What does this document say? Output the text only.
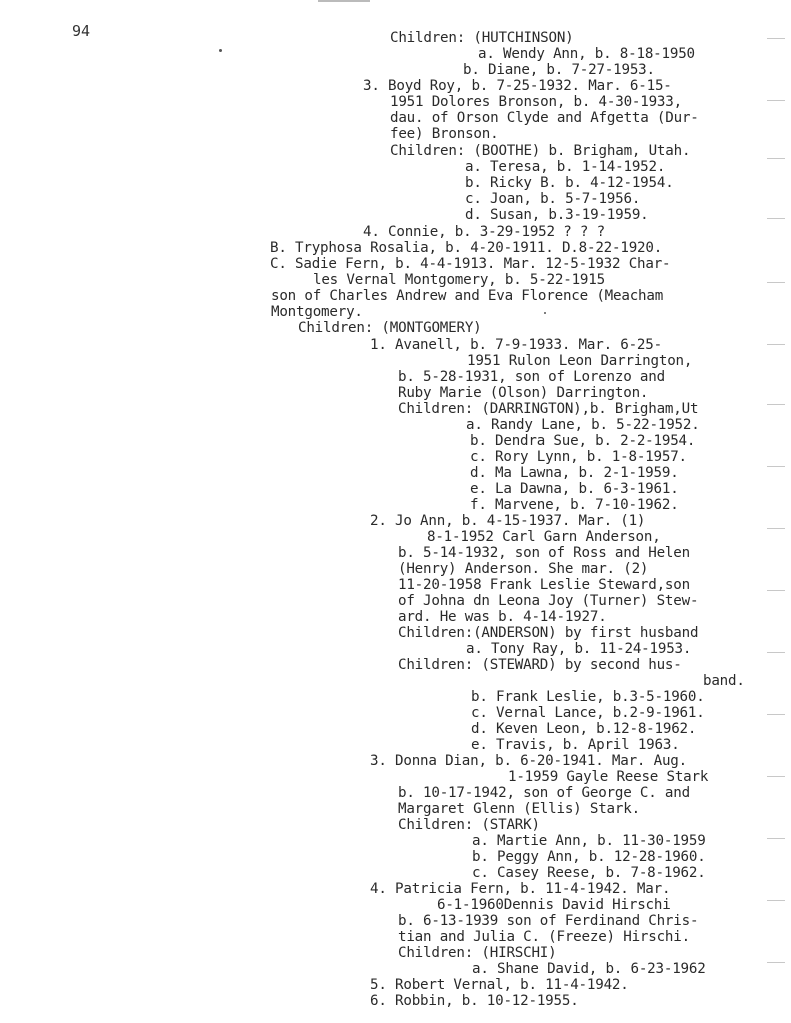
94	Children: (HUTCHINSON)
a. Wendy Ann, b. 8-18-1950
b. Diane, b. 7-27-1953.
3. Boyd Roy, b. 7-25-1932. Mar. 6-15-
1951 Dolores Bronson, b. 4-30-1933,
dau. of Orson Clyde and Afgetta (Dur-
fee) Bronson.
Children: (BOOTHE) b. Brigham, Utah.
a. Teresa, b. 1-14-1952.
b. Ricky B. b. 4-12-1954.
c. Joan, b. 5-7-1956.
d. Susan, b.3-19-1959.
4. Connie, b. 3-29-1952 ? ? ?
B. Tryphosa Rosalia, b. 4-20-1911. D.8-22-1920.
C. Sadie Fern, b. 4-4-1913. Mar. 12-5-1932 Char-
les Vernal Montgomery, b. 5-22-1915
son of Charles Andrew and Eva Florence (Meacham
Montgomery.
Children: (MONTGOMERY)
1. Avanell, b. 7-9-1933. Mar. 6-25-
1951 Rulon Leon Darrington,
b. 5-28-1931, son of Lorenzo and
Ruby Marie (Olson) Darrington.
Children: (DARRINGTON),b. Brigham,Ut
a. Randy Lane, b. 5-22-1952.
b. Dendra Sue, b. 2-2-1954.
c. Rory Lynn, b. 1-8-1957.
d. Ma Lawna, b. 2-1-1959.
e. La Dawna, b. 6-3-1961.
f. Marvene, b. 7-10-1962.
2. Jo Ann, b. 4-15-1937. Mar. (1)
8-1-1952 Carl Garn Anderson,
b. 5-14-1932, son of Ross and Helen
(Henry) Anderson. She mar. (2)
11-20-1958 Frank Leslie Steward,son
of Johna dn Leona Joy (Turner) Stew-
ard. He was b. 4-14-1927.
Children:(ANDERSON) by first husband
a. Tony Ray, b. 11-24-1953.
Children: (STEWARD) by second hus-
band.
b. Frank Leslie, b.3-5-1960.
c. Vernal Lance, b.2-9-1961.
d. Keven Leon, b.12-8-1962.
e. Travis, b. April 1963.
3. Donna Dian, b. 6-20-1941. Mar. Aug.
1-1959 Gayle Reese Stark
b. 10-17-1942, son of George C. and
Margaret Glenn (Ellis) Stark.
Children: (STARK)
a. Martie Ann, b. 11-30-1959
b. Peggy Ann, b. 12-28-1960.
c. Casey Reese, b. 7-8-1962.
4. Patricia Fern, b. 11-4-1942. Mar.
6-1-1960Dennis David Hirschi
b. 6-13-1939 son of Ferdinand Chris-
tian and Julia C. (Freeze) Hirschi.
Children: (HIRSCHI)
a. Shane David, b. 6-23-1962
5. Robert Vernal, b. 11-4-1942.
6. Robbin, b. 10-12-1955.
